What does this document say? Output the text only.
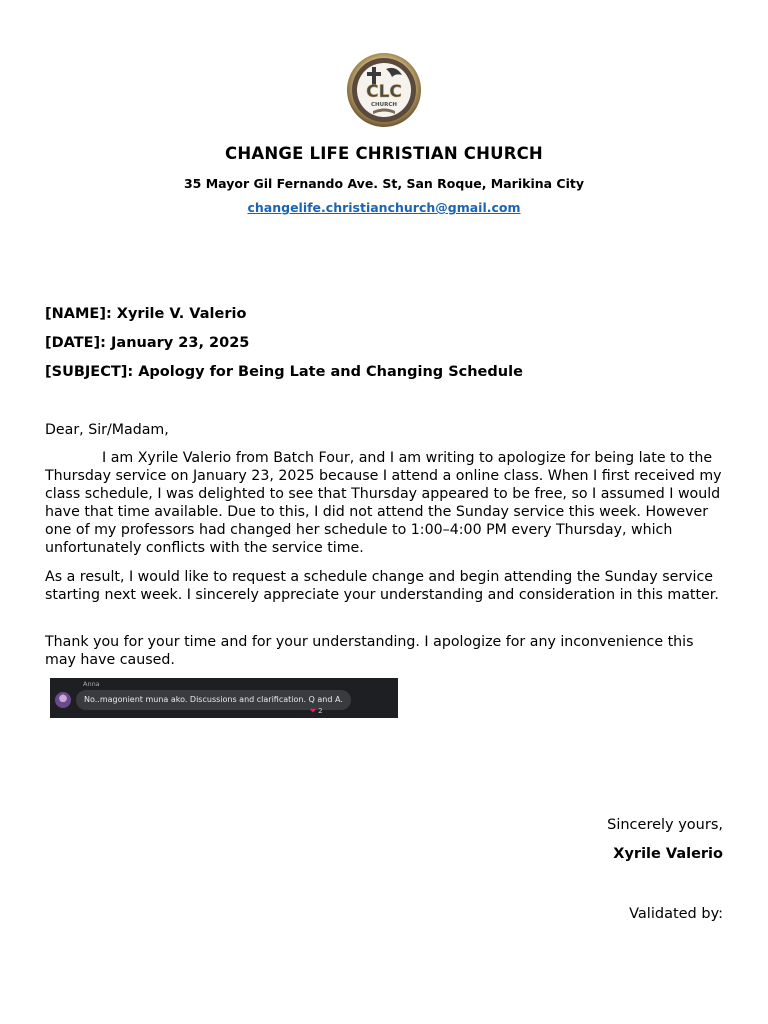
CLC
CHURCH
CHANGE LIFE CHRISTIAN CHURCH
35 Mayor Gil Fernando Ave. St, San Roque, Marikina City
changelife.christianchurch@gmail.com
[NAME]: Xyrile V. Valerio
[DATE]: January 23, 2025
[SUBJECT]: Apology for Being Late and Changing Schedule
Dear, Sir/Madam,
I am Xyrile Valerio from Batch Four, and I am writing to apologize for being late to the Thursday service on January 23, 2025 because I attend a online class. When I first received my class schedule, I was delighted to see that Thursday appeared to be free, so I assumed I would have that time available. Due to this, I did not attend the Sunday service this week. However one of my professors had changed her schedule to 1:00–4:00 PM every Thursday, which unfortunately conflicts with the service time.
As a result, I would like to request a schedule change and begin attending the Sunday service starting next week. I sincerely appreciate your understanding and consideration in this matter.
Thank you for your time and for your understanding. I apologize for any inconvenience this may have caused.
Anna
No..magonient muna ako. Discussions and clarification. Q and A.
❤ 2
Sincerely yours,
Xyrile Valerio
Validated by:
